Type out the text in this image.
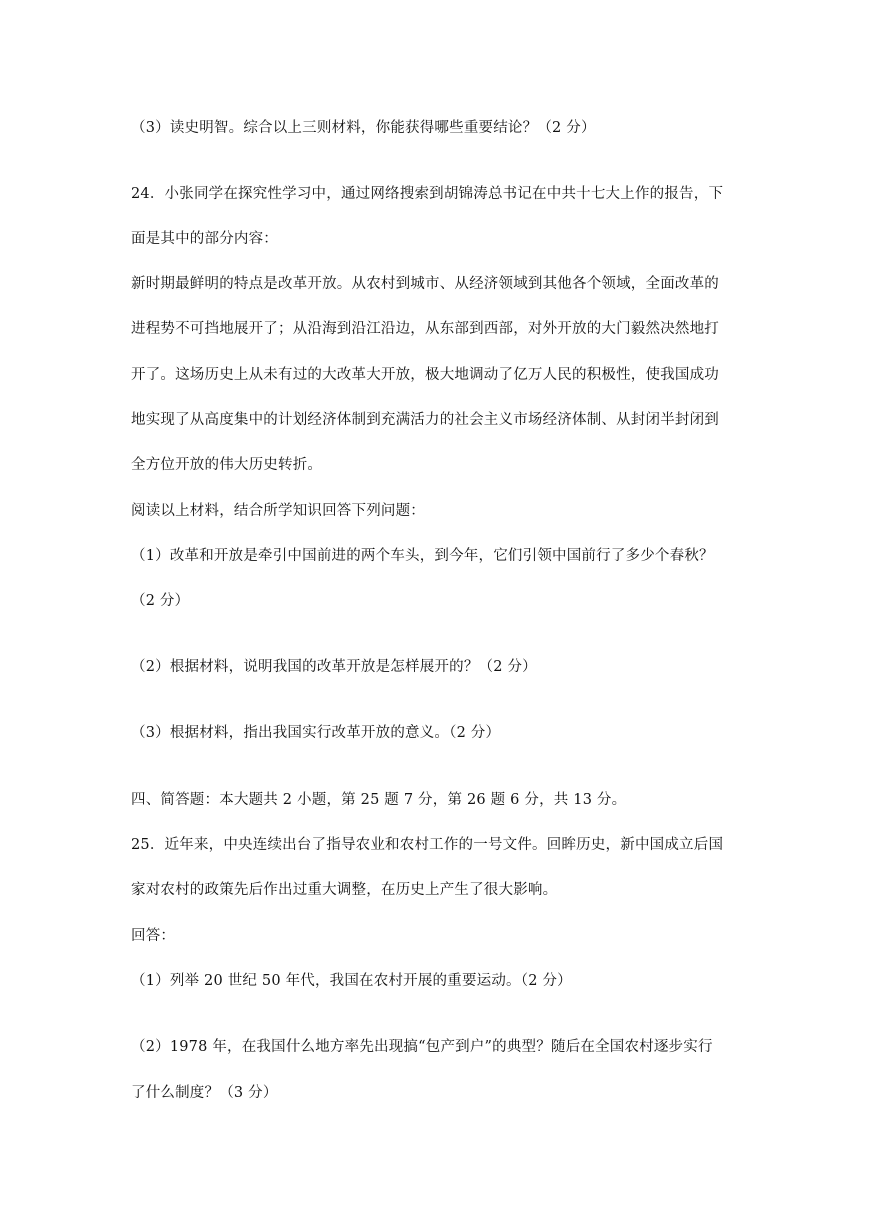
（3）读史明智。综合以上三则材料，你能获得哪些重要结论？（2 分）
24．小张同学在探究性学习中，通过网络搜索到胡锦涛总书记在中共十七大上作的报告，下
面是其中的部分内容：
新时期最鲜明的特点是改革开放。从农村到城市、从经济领域到其他各个领域，全面改革的
进程势不可挡地展开了；从沿海到沿江沿边，从东部到西部，对外开放的大门毅然决然地打
开了。这场历史上从未有过的大改革大开放，极大地调动了亿万人民的积极性，使我国成功
地实现了从高度集中的计划经济体制到充满活力的社会主义市场经济体制、从封闭半封闭到
全方位开放的伟大历史转折。
阅读以上材料，结合所学知识回答下列问题：
（1）改革和开放是牵引中国前进的两个车头，到今年，它们引领中国前行了多少个春秋？
（2 分）
（2）根据材料，说明我国的改革开放是怎样展开的？（2 分）
（3）根据材料，指出我国实行改革开放的意义。（2 分）
四、简答题：本大题共 2 小题，第 25 题 7 分，第 26 题 6 分，共 13 分。
25．近年来，中央连续出台了指导农业和农村工作的一号文件。回眸历史，新中国成立后国
家对农村的政策先后作出过重大调整，在历史上产生了很大影响。
回答：
（1）列举 20 世纪 50 年代，我国在农村开展的重要运动。（2 分）
（2）1978 年，在我国什么地方率先出现搞“包产到户”的典型？随后在全国农村逐步实行
了什么制度？（3 分）
